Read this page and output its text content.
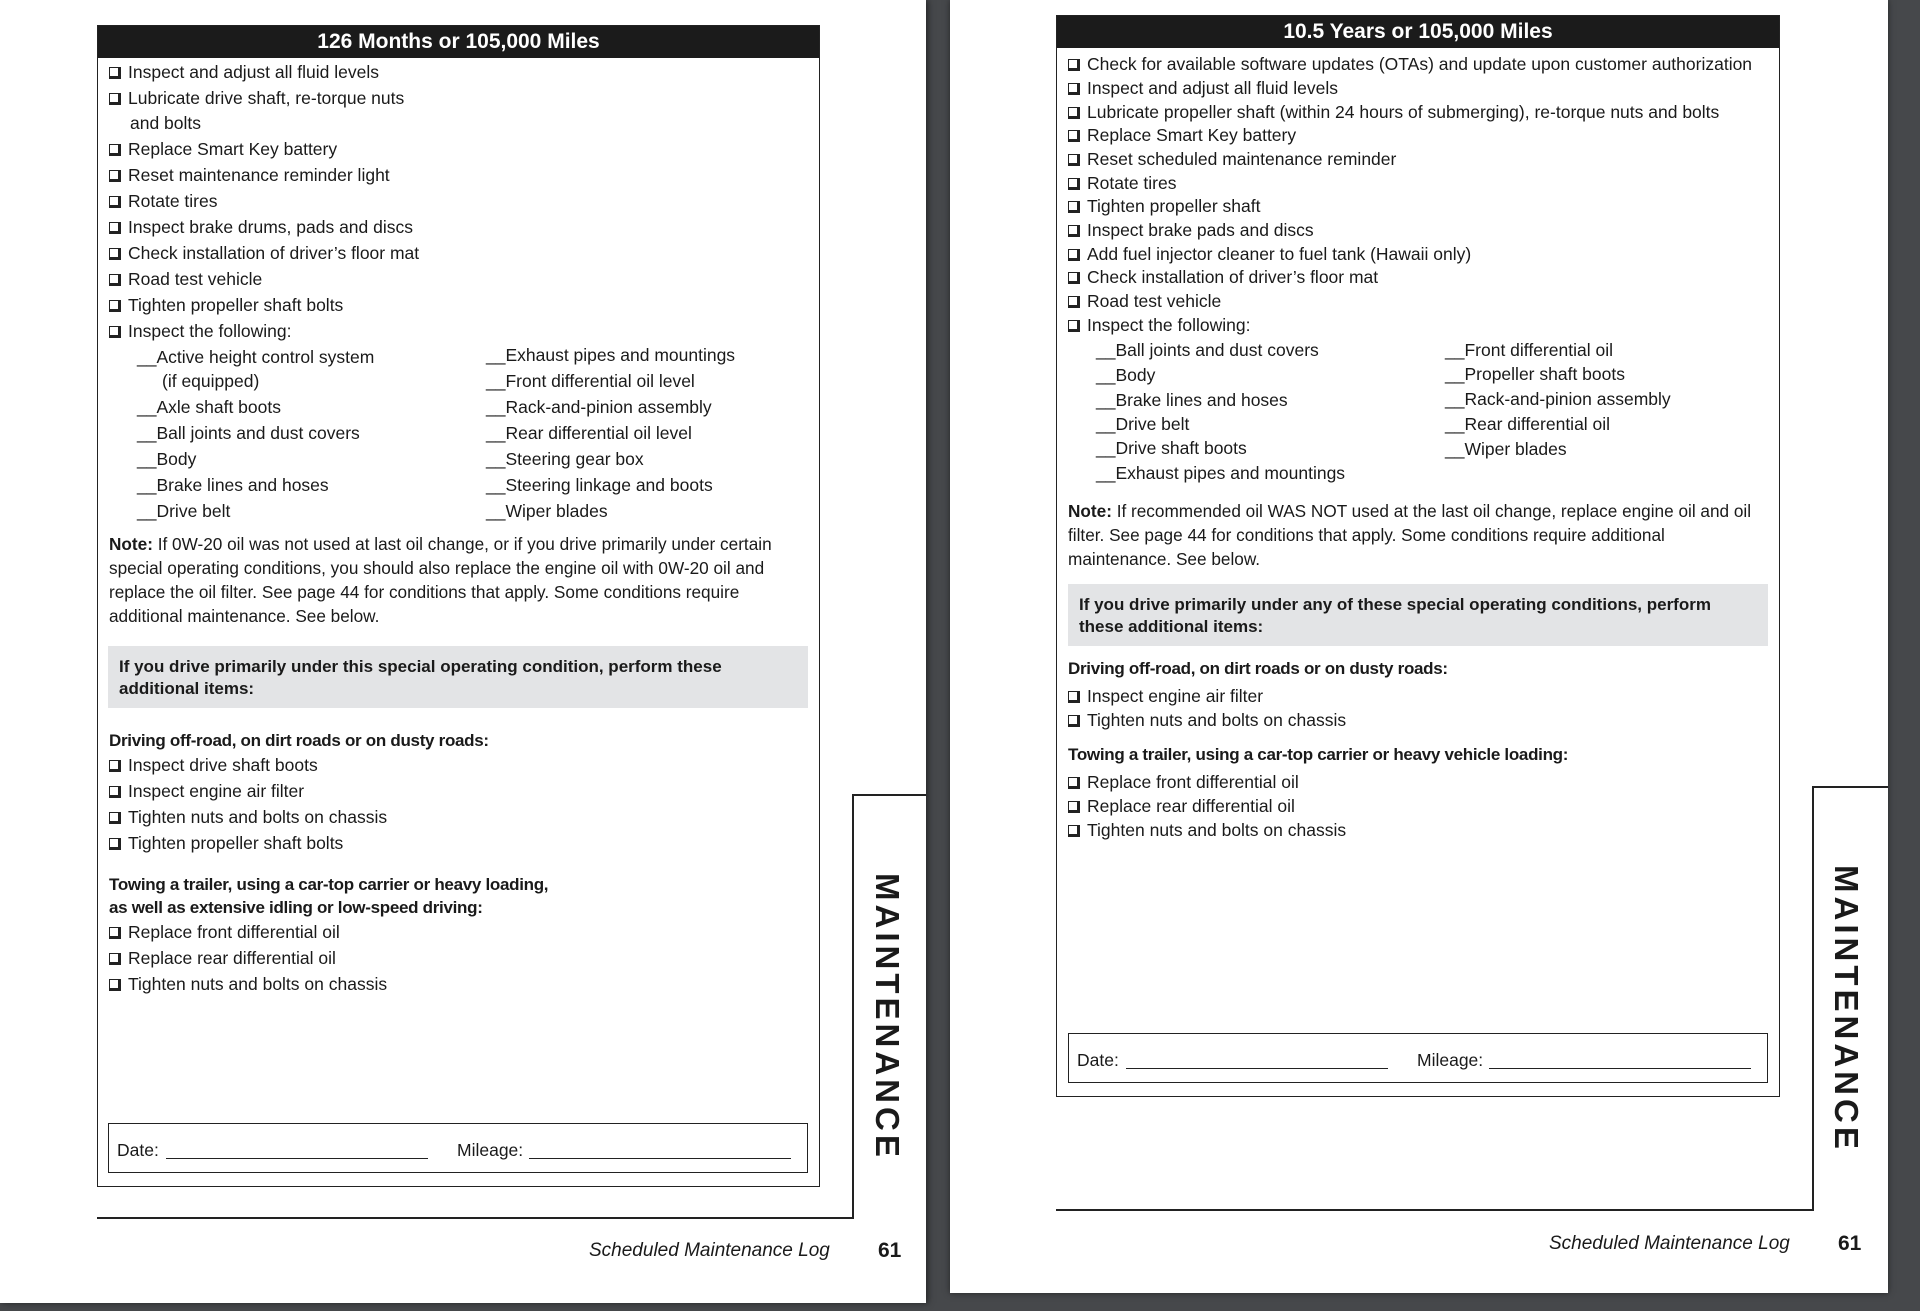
126 Months or 105,000 Miles
Inspect and adjust all fluid levels
Lubricate drive shaft, re-torque nuts
and bolts
Replace Smart Key battery
Reset maintenance reminder light
Rotate tires
Inspect brake drums, pads and discs
Check installation of driver’s floor mat
Road test vehicle
Tighten propeller shaft bolts
Inspect the following:
__Active height control system
(if equipped)
__Axle shaft boots
__Ball joints and dust covers
__Body
__Brake lines and hoses
__Drive belt
__Exhaust pipes and mountings
__Front differential oil level
__Rack-and-pinion assembly
__Rear differential oil level
__Steering gear box
__Steering linkage and boots
__Wiper blades
Note: If 0W-20 oil was not used at last oil change, or if you drive primarily under certain special operating conditions, you should also replace the engine oil with 0W-20 oil and replace the oil filter. See page 44 for conditions that apply. Some conditions require additional maintenance. See below.
If you drive primarily under this special operating condition, perform these additional items:
Driving off-road, on dirt roads or on dusty roads:
Inspect drive shaft boots
Inspect engine air filter
Tighten nuts and bolts on chassis
Tighten propeller shaft bolts
Towing a trailer, using a car-top carrier or heavy loading,
as well as extensive idling or low-speed driving:
Replace front differential oil
Replace rear differential oil
Tighten nuts and bolts on chassis
Date:	Mileage:	MAINTENANCE
Scheduled Maintenance Log 61
10.5 Years or 105,000 Miles
Check for available software updates (OTAs) and update upon customer authorization
Inspect and adjust all fluid levels
Lubricate propeller shaft (within 24 hours of submerging), re-torque nuts and bolts
Replace Smart Key battery
Reset scheduled maintenance reminder
Rotate tires
Tighten propeller shaft
Inspect brake pads and discs
Add fuel injector cleaner to fuel tank (Hawaii only)
Check installation of driver’s floor mat
Road test vehicle
Inspect the following:
__Ball joints and dust covers
__Body
__Brake lines and hoses
__Drive belt
__Drive shaft boots
__Exhaust pipes and mountings
__Front differential oil
__Propeller shaft boots
__Rack-and-pinion assembly
__Rear differential oil
__Wiper blades
Note: If recommended oil WAS NOT used at the last oil change, replace engine oil and oil filter. See page 44 for conditions that apply. Some conditions require additional maintenance. See below.
If you drive primarily under any of these special operating conditions, perform these additional items:
Driving off-road, on dirt roads or on dusty roads:
Inspect engine air filter
Tighten nuts and bolts on chassis
Towing a trailer, using a car-top carrier or heavy vehicle loading:
Replace front differential oil
Replace rear differential oil
Tighten nuts and bolts on chassis
Date:	Mileage:	MAINTENANCE
Scheduled Maintenance Log 61
